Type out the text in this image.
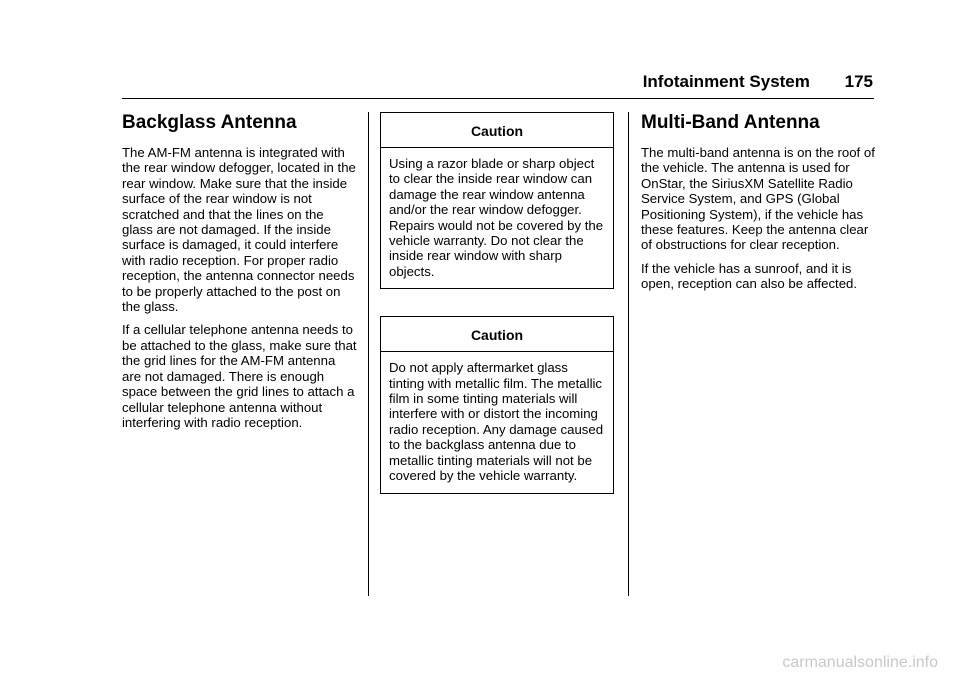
Infotainment System 175
Backglass Antenna

The AM-FM antenna is integrated with the rear window defogger, located in the rear window. Make sure that the inside surface of the rear window is not scratched and that the lines on the glass are not damaged. If the inside surface is damaged, it could interfere with radio reception. For proper radio reception, the antenna connector needs to be properly attached to the post on the glass.

If a cellular telephone antenna needs to be attached to the glass, make sure that the grid lines for the AM-FM antenna are not damaged. There is enough space between the grid lines to attach a cellular telephone antenna without interfering with radio reception.

Caution
Using a razor blade or sharp object to clear the inside rear window can damage the rear window antenna and/or the rear window defogger. Repairs would not be covered by the vehicle warranty. Do not clear the inside rear window with sharp objects.
Caution
Do not apply aftermarket glass tinting with metallic film. The metallic film in some tinting materials will interfere with or distort the incoming radio reception. Any damage caused to the backglass antenna due to metallic tinting materials will not be covered by the vehicle warranty.
Multi-Band Antenna

The multi-band antenna is on the roof of the vehicle. The antenna is used for OnStar, the SiriusXM Satellite Radio Service System, and GPS (Global Positioning System), if the vehicle has these features. Keep the antenna clear of obstructions for clear reception.

If the vehicle has a sunroof, and it is open, reception can also be affected.

carmanualsonline.info
